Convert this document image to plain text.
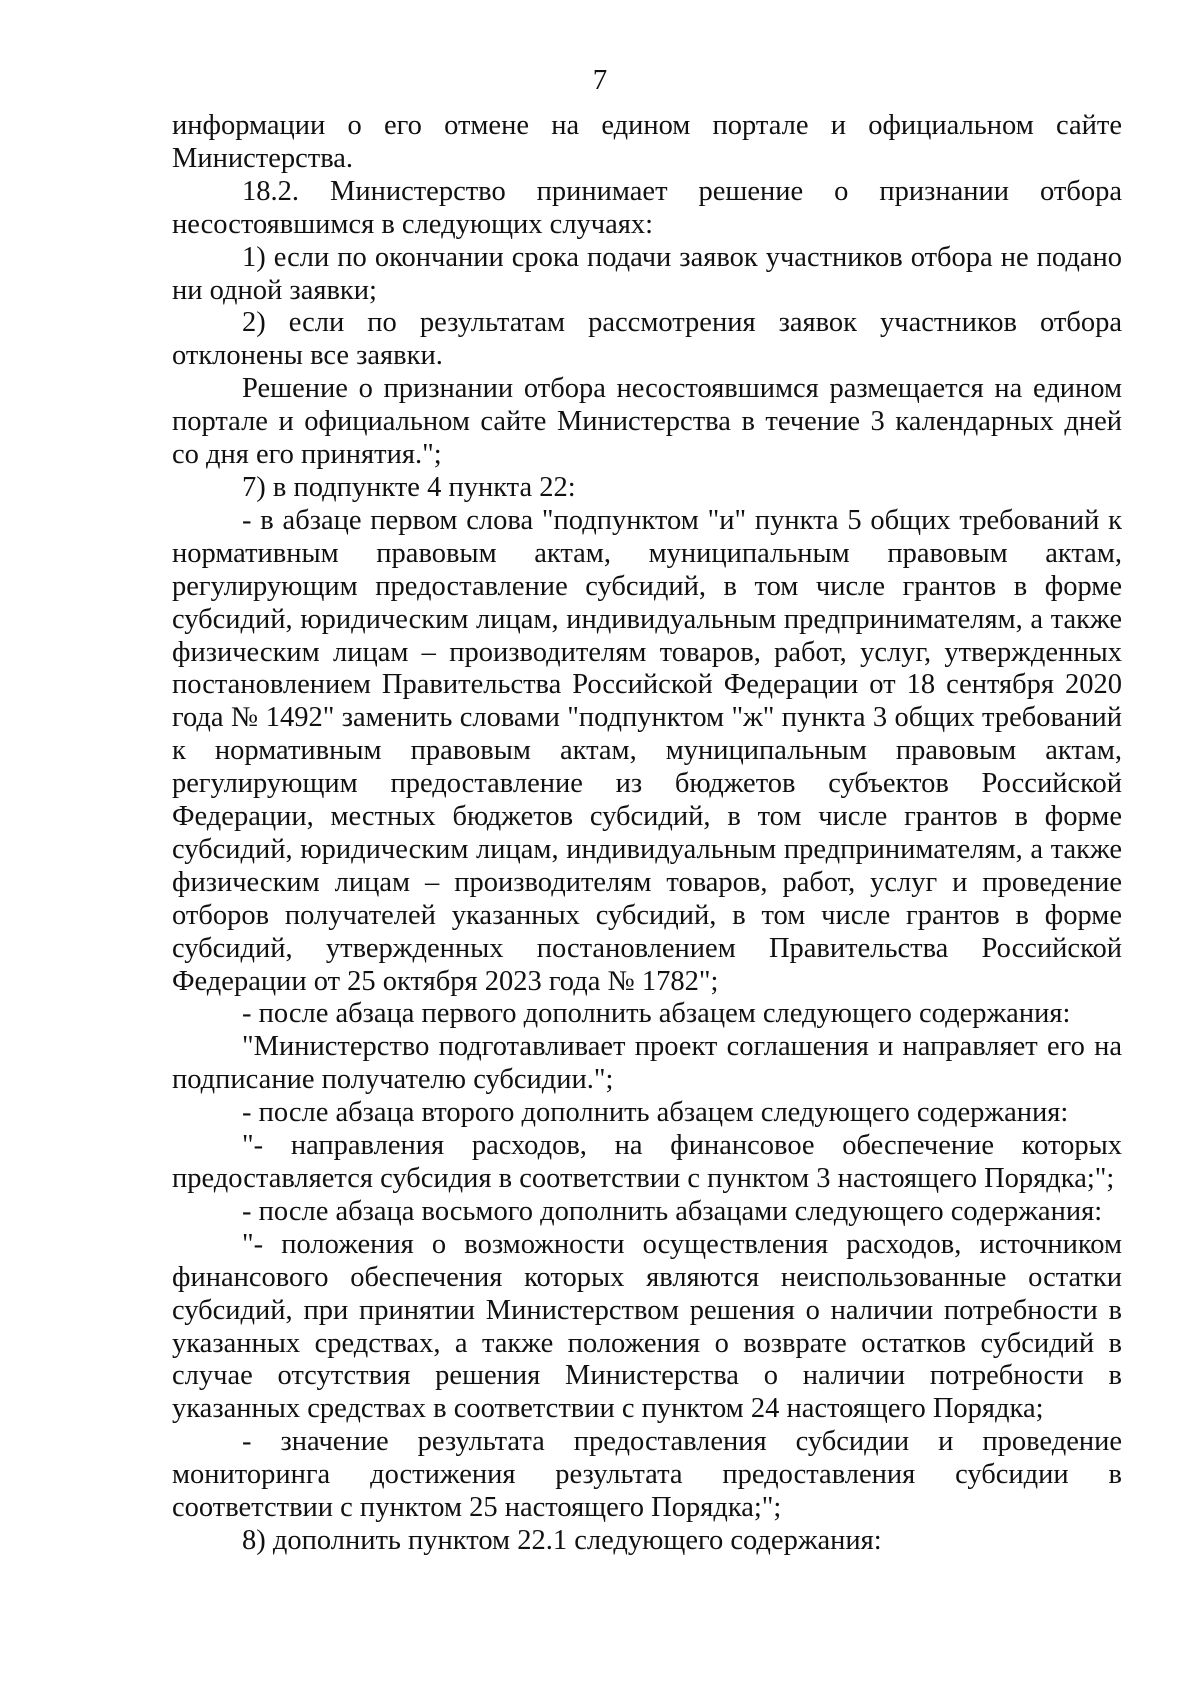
7

информации о его отмене на едином портале и официальном сайте Министерства.

18.2. Министерство принимает решение о признании отбора несостоявшимся в следующих случаях:

1) если по окончании срока подачи заявок участников отбора не подано ни одной заявки;

2) если по результатам рассмотрения заявок участников отбора отклонены все заявки.

Решение о признании отбора несостоявшимся размещается на едином портале и официальном сайте Министерства в течение 3 календарных дней со дня его принятия.";

7) в подпункте 4 пункта 22:

- в абзаце первом слова "подпунктом "и" пункта 5 общих требований к нормативным правовым актам, муниципальным правовым актам, регулирующим предоставление субсидий, в том числе грантов в форме субсидий, юридическим лицам, индивидуальным предпринимателям, а также физическим лицам – производителям товаров, работ, услуг, утвержденных постановлением Правительства Российской Федерации от 18 сентября 2020 года № 1492" заменить словами "подпунктом "ж" пункта 3 общих требований к нормативным правовым актам, муниципальным правовым актам, регулирующим предоставление из бюджетов субъектов Российской Федерации, местных бюджетов субсидий, в том числе грантов в форме субсидий, юридическим лицам, индивидуальным предпринимателям, а также физическим лицам – производителям товаров, работ, услуг и проведение отборов получателей указанных субсидий, в том числе грантов в форме субсидий, утвержденных постановлением Правительства Российской Федерации от 25 октября 2023 года № 1782";

- после абзаца первого дополнить абзацем следующего содержания:

"Министерство подготавливает проект соглашения и направляет его на подписание получателю субсидии.";

- после абзаца второго дополнить абзацем следующего содержания:

"- направления расходов, на финансовое обеспечение которых предоставляется субсидия в соответствии с пунктом 3 настоящего Порядка;";

- после абзаца восьмого дополнить абзацами следующего содержания:

"- положения о возможности осуществления расходов, источником финансового обеспечения которых являются неиспользованные остатки субсидий, при принятии Министерством решения о наличии потребности в указанных средствах, а также положения о возврате остатков субсидий в случае отсутствия решения Министерства о наличии потребности в указанных средствах в соответствии с пунктом 24 настоящего Порядка;

- значение результата предоставления субсидии и проведение мониторинга достижения результата предоставления субсидии в соответствии с пунктом 25 настоящего Порядка;";

8) дополнить пунктом 22.1 следующего содержания:
